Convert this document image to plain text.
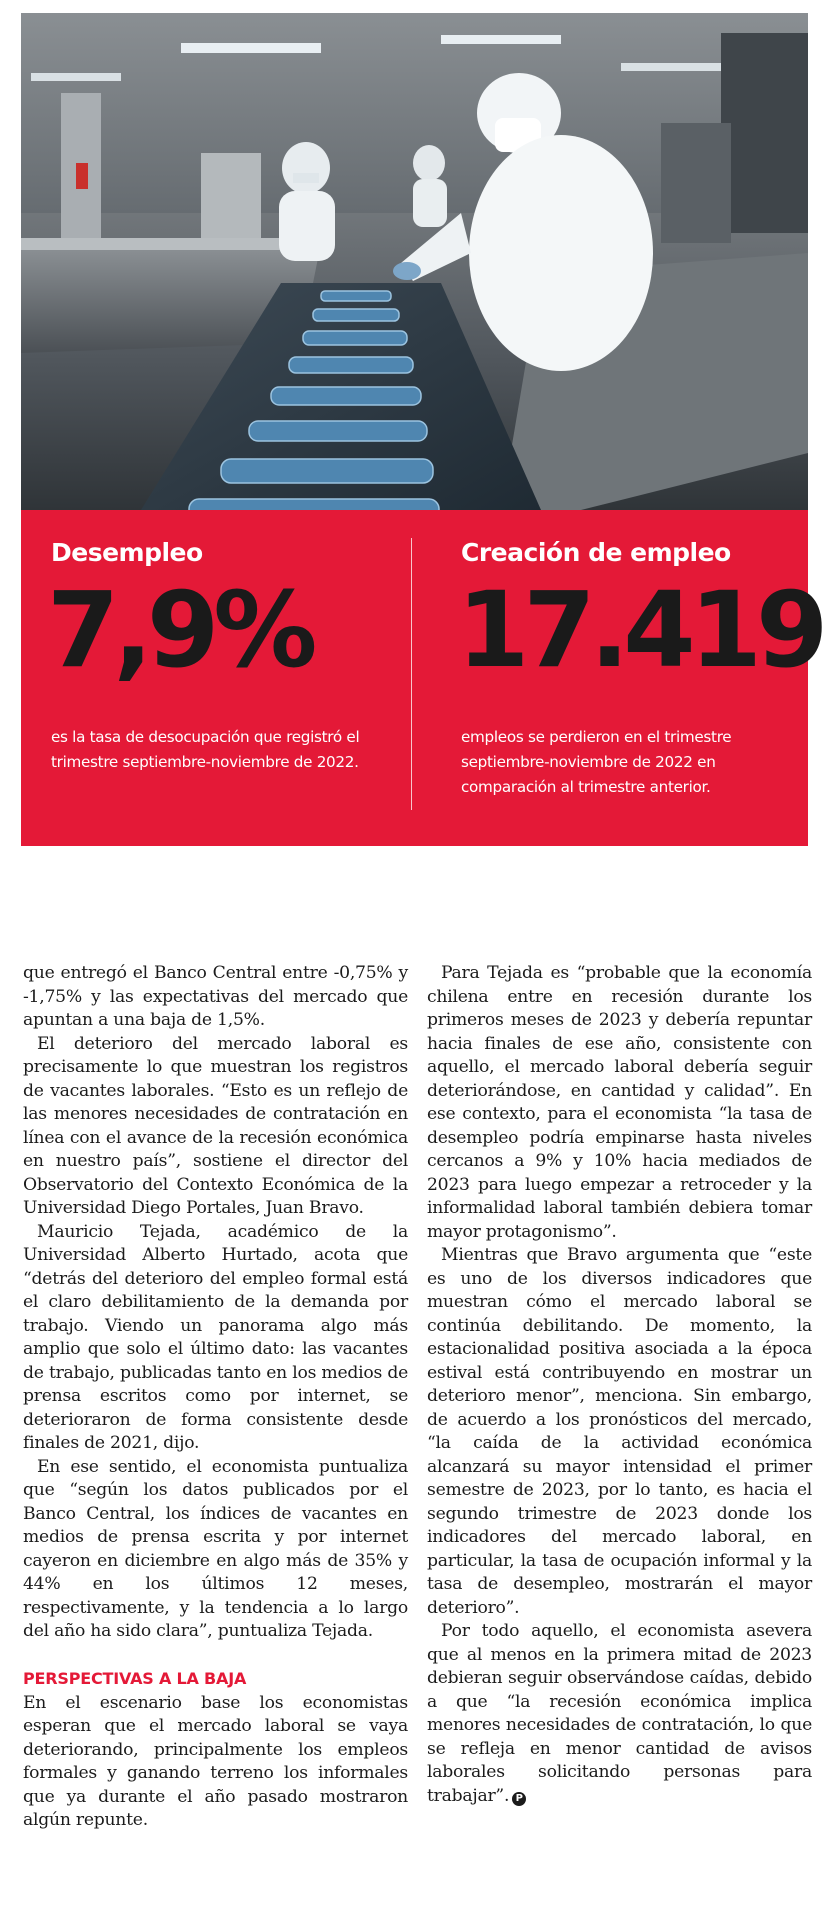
Desempleo
7,9%
es la tasa de desocupación que registró el trimestre septiembre-noviembre de 2022.
Creación de empleo
17.419
empleos se perdieron en el trimestre septiembre-noviembre de 2022 en comparación al trimestre anterior.

que entregó el Banco Central entre -0,75% y -1,75% y las expectativas del mercado que apuntan a una baja de 1,5%.

El deterioro del mercado laboral es precisamente lo que muestran los registros de vacantes laborales. “Esto es un reflejo de las menores necesidades de contratación en línea con el avance de la recesión económica en nuestro país”, sostiene el director del Observatorio del Contexto Económica de la Universidad Diego Portales, Juan Bravo.

Mauricio Tejada, académico de la Universidad Alberto Hurtado, acota que “detrás del deterioro del empleo formal está el claro debilitamiento de la demanda por trabajo. Viendo un panorama algo más amplio que solo el último dato: las vacantes de trabajo, publicadas tanto en los medios de prensa escritos como por internet, se deterioraron de forma consistente desde finales de 2021, dijo.

En ese sentido, el economista puntualiza que “según los datos publicados por el Banco Central, los índices de vacantes en medios de prensa escrita y por internet cayeron en diciembre en algo más de 35% y 44% en los últimos 12 meses, respectivamente, y la tendencia a lo largo del año ha sido clara”, puntualiza Tejada.

PERSPECTIVAS A LA BAJA

En el escenario base los economistas esperan que el mercado laboral se vaya deteriorando, principalmente los empleos formales y ganando terreno los informales que ya durante el año pasado mostraron algún repunte.

Para Tejada es “probable que la economía chilena entre en recesión durante los primeros meses de 2023 y debería repuntar hacia finales de ese año, consistente con aquello, el mercado laboral debería seguir deteriorándose, en cantidad y calidad”. En ese contexto, para el economista “la tasa de desempleo podría empinarse hasta niveles cercanos a 9% y 10% hacia mediados de 2023 para luego empezar a retroceder y la informalidad laboral también debiera tomar mayor protagonismo”.

Mientras que Bravo argumenta que “este es uno de los diversos indicadores que muestran cómo el mercado laboral se continúa debilitando. De momento, la estacionalidad positiva asociada a la época estival está contribuyendo en mostrar un deterioro menor”, menciona. Sin embargo, de acuerdo a los pronósticos del mercado, “la caída de la actividad económica alcanzará su mayor intensidad el primer semestre de 2023, por lo tanto, es hacia el segundo trimestre de 2023 donde los indicadores del mercado laboral, en particular, la tasa de ocupación informal y la tasa de desempleo, mostrarán el mayor deterioro”.

Por todo aquello, el economista asevera que al menos en la primera mitad de 2023 debieran seguir observándose caídas, debido a que “la recesión económica implica menores necesidades de contratación, lo que se refleja en menor cantidad de avisos laborales solicitando personas para trabajar”. P
